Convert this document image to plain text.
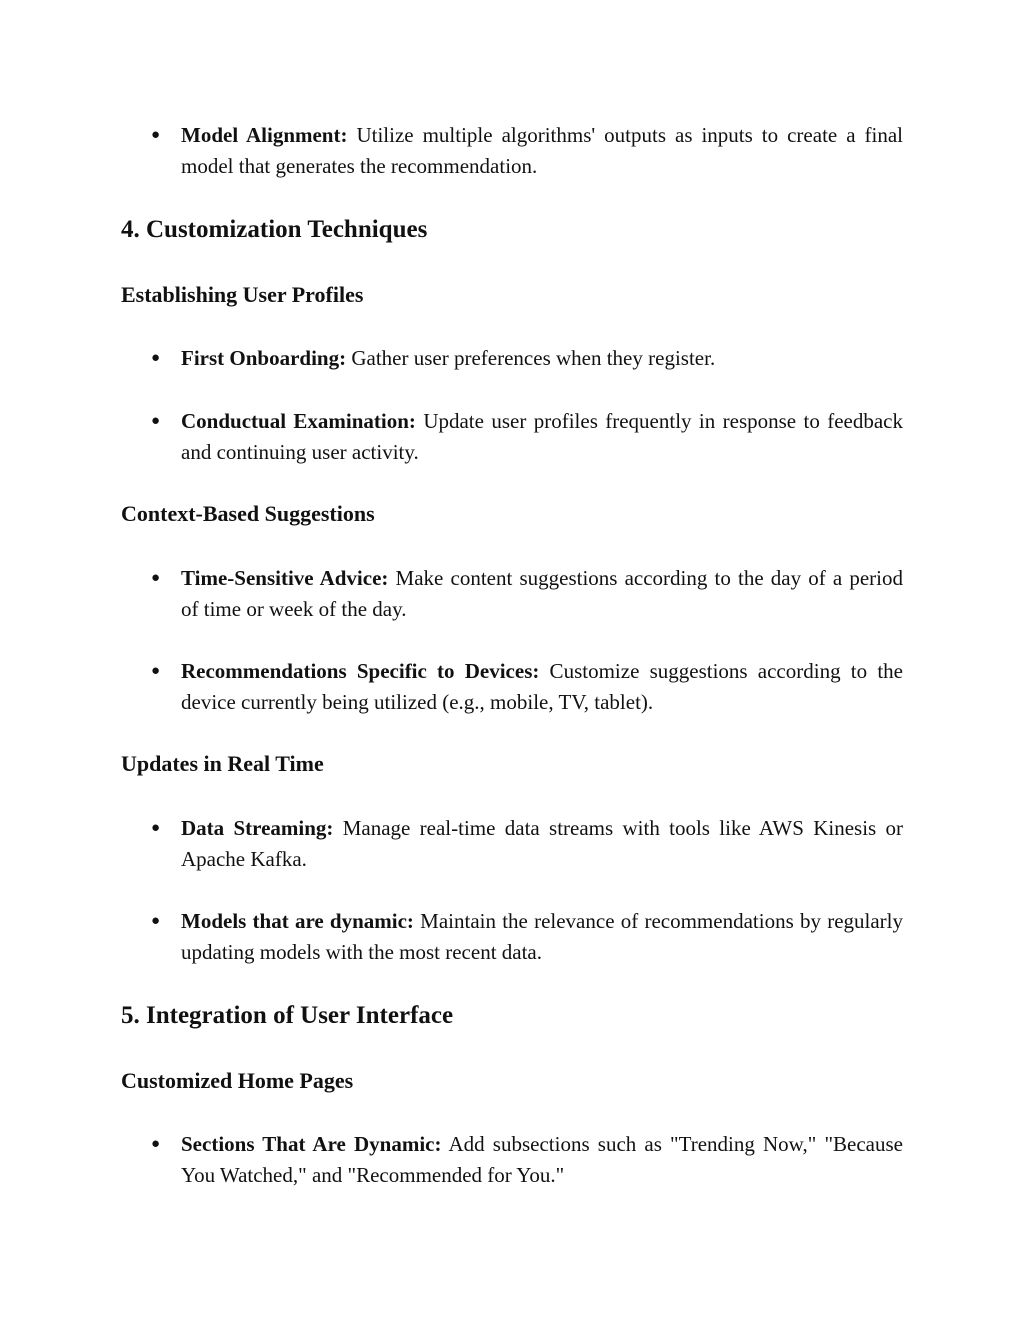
● Model Alignment: Utilize multiple algorithms' outputs as inputs to create a final model that generates the recommendation.

4. Customization Techniques
Establishing User Profiles
● First Onboarding: Gather user preferences when they register.

● Conductual Examination: Update user profiles frequently in response to feedback and continuing user activity.

Context-Based Suggestions
● Time-Sensitive Advice: Make content suggestions according to the day of a period of time or week of the day.

● Recommendations Specific to Devices: Customize suggestions according to the device currently being utilized (e.g., mobile, TV, tablet).

Updates in Real Time
● Data Streaming: Manage real-time data streams with tools like AWS Kinesis or Apache Kafka.

● Models that are dynamic: Maintain the relevance of recommendations by regularly updating models with the most recent data.

5. Integration of User Interface
Customized Home Pages
● Sections That Are Dynamic: Add subsections such as "Trending Now," "Because You Watched," and "Recommended for You."
